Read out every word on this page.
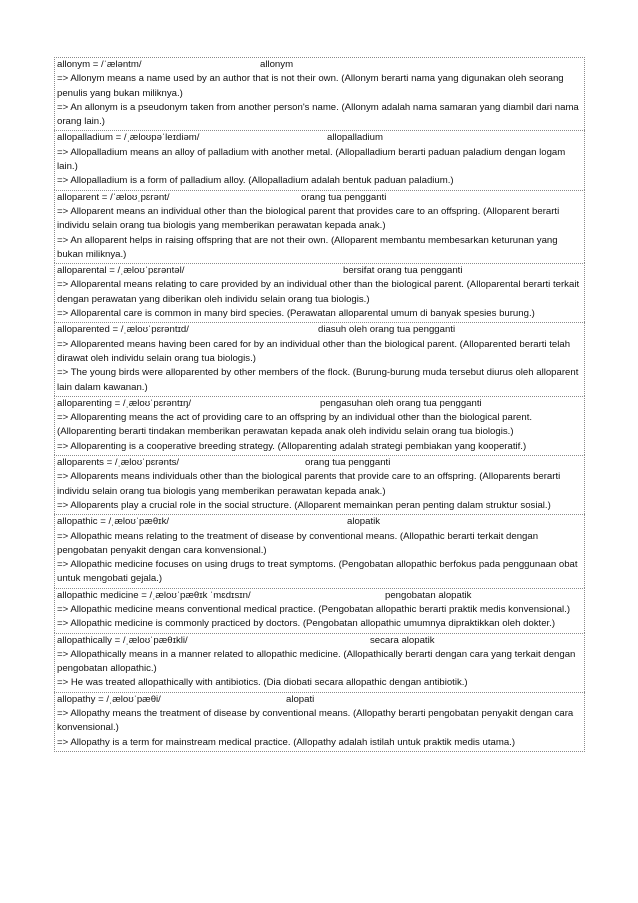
allonym = /ˈæləntm/	allonym
=> Allonym means a name used by an author that is not their own. (Allonym berarti nama yang digunakan oleh seorang penulis yang bukan miliknya.)
=> An allonym is a pseudonym taken from another person's name. (Allonym adalah nama samaran yang diambil dari nama orang lain.)
allopalladium = /ˌæloʊpəˈleɪdiəm/	allopalladium
=> Allopalladium means an alloy of palladium with another metal. (Allopalladium berarti paduan paladium dengan logam lain.)
=> Allopalladium is a form of palladium alloy. (Allopalladium adalah bentuk paduan paladium.)
alloparent = /ˈæloʊˌpɛrənt/	orang tua pengganti
=> Alloparent means an individual other than the biological parent that provides care to an offspring. (Alloparent berarti individu selain orang tua biologis yang memberikan perawatan kepada anak.)
=> An alloparent helps in raising offspring that are not their own. (Alloparent membantu membesarkan keturunan yang bukan miliknya.)
alloparental = /ˌæloʊˈpɛrəntəl/	bersifat orang tua pengganti
=> Alloparental means relating to care provided by an individual other than the biological parent. (Alloparental berarti terkait dengan perawatan yang diberikan oleh individu selain orang tua biologis.)
=> Alloparental care is common in many bird species. (Perawatan alloparental umum di banyak spesies burung.)
alloparented = /ˌæloʊˈpɛrəntɪd/	diasuh oleh orang tua pengganti
=> Alloparented means having been cared for by an individual other than the biological parent. (Alloparented berarti telah dirawat oleh individu selain orang tua biologis.)
=> The young birds were alloparented by other members of the flock. (Burung-burung muda tersebut diurus oleh alloparent lain dalam kawanan.)
alloparenting = /ˌæloʊˈpɛrəntɪŋ/	pengasuhan oleh orang tua pengganti
=> Alloparenting means the act of providing care to an offspring by an individual other than the biological parent. (Alloparenting berarti tindakan memberikan perawatan kepada anak oleh individu selain orang tua biologis.)
=> Alloparenting is a cooperative breeding strategy. (Alloparenting adalah strategi pembiakan yang kooperatif.)
alloparents = /ˌæloʊˈpɛrənts/	orang tua pengganti
=> Alloparents means individuals other than the biological parents that provide care to an offspring. (Alloparents berarti individu selain orang tua biologis yang memberikan perawatan kepada anak.)
=> Alloparents play a crucial role in the social structure. (Alloparent memainkan peran penting dalam struktur sosial.)
allopathic = /ˌæloʊˈpæθɪk/	alopatik
=> Allopathic means relating to the treatment of disease by conventional means. (Allopathic berarti terkait dengan pengobatan penyakit dengan cara konvensional.)
=> Allopathic medicine focuses on using drugs to treat symptoms. (Pengobatan allopathic berfokus pada penggunaan obat untuk mengobati gejala.)
allopathic medicine = /ˌæloʊˈpæθɪk ˈmɛdɪsɪn/	pengobatan alopatik
=> Allopathic medicine means conventional medical practice. (Pengobatan allopathic berarti praktik medis konvensional.)
=> Allopathic medicine is commonly practiced by doctors. (Pengobatan allopathic umumnya dipraktikkan oleh dokter.)
allopathically = /ˌæloʊˈpæθɪkli/	secara alopatik
=> Allopathically means in a manner related to allopathic medicine. (Allopathically berarti dengan cara yang terkait dengan pengobatan allopathic.)
=> He was treated allopathically with antibiotics. (Dia diobati secara allopathic dengan antibiotik.)
allopathy = /ˌæloʊˈpæθi/	alopati
=> Allopathy means the treatment of disease by conventional means. (Allopathy berarti pengobatan penyakit dengan cara konvensional.)
=> Allopathy is a term for mainstream medical practice. (Allopathy adalah istilah untuk praktik medis utama.)
